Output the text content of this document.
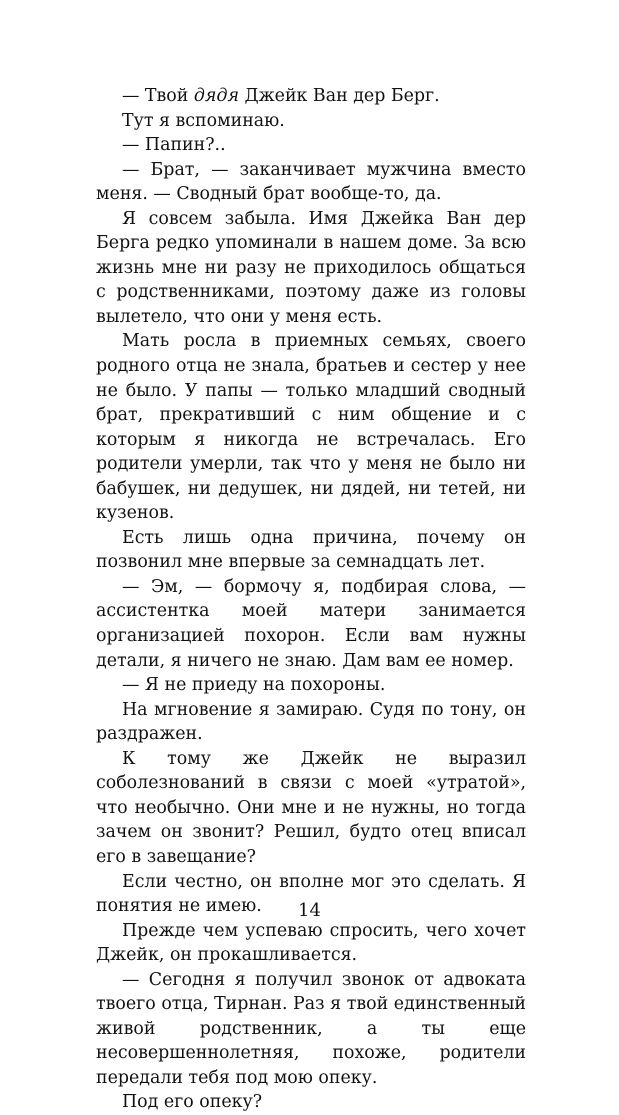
— Твой дядя Джейк Ван дер Берг.

Тут я вспоминаю.

— Папин?..

— Брат, — заканчивает мужчина вместо меня. — Сводный брат вообще-то, да.

Я совсем забыла. Имя Джейка Ван дер Берга редко упоминали в нашем доме. За всю жизнь мне ни разу не приходилось общаться с родственниками, поэтому даже из головы вылетело, что они у меня есть.

Мать росла в приемных семьях, своего родного отца не знала, братьев и сестер у нее не было. У папы — только младший сводный брат, прекративший с ним общение и с которым я никогда не встречалась. Его родители умерли, так что у меня не было ни бабушек, ни дедушек, ни дядей, ни тетей, ни кузенов.

Есть лишь одна причина, почему он позвонил мне впервые за семнадцать лет.

— Эм, — бормочу я, подбирая слова, — ассистентка моей матери занимается организацией похорон. Если вам нужны детали, я ничего не знаю. Дам вам ее номер.

— Я не приеду на похороны.

На мгновение я замираю. Судя по тону, он раздражен.

К тому же Джейк не выразил соболезнований в связи с моей «утратой», что необычно. Они мне и не нужны, но тогда зачем он звонит? Решил, будто отец вписал его в завещание?

Если честно, он вполне мог это сделать. Я понятия не имею.

Прежде чем успеваю спросить, чего хочет Джейк, он прокашливается.

— Сегодня я получил звонок от адвоката твоего отца, Тирнан. Раз я твой единственный живой родственник, а ты еще несовершеннолетняя, похоже, родители передали тебя под мою опеку.

Под его опеку?

14
